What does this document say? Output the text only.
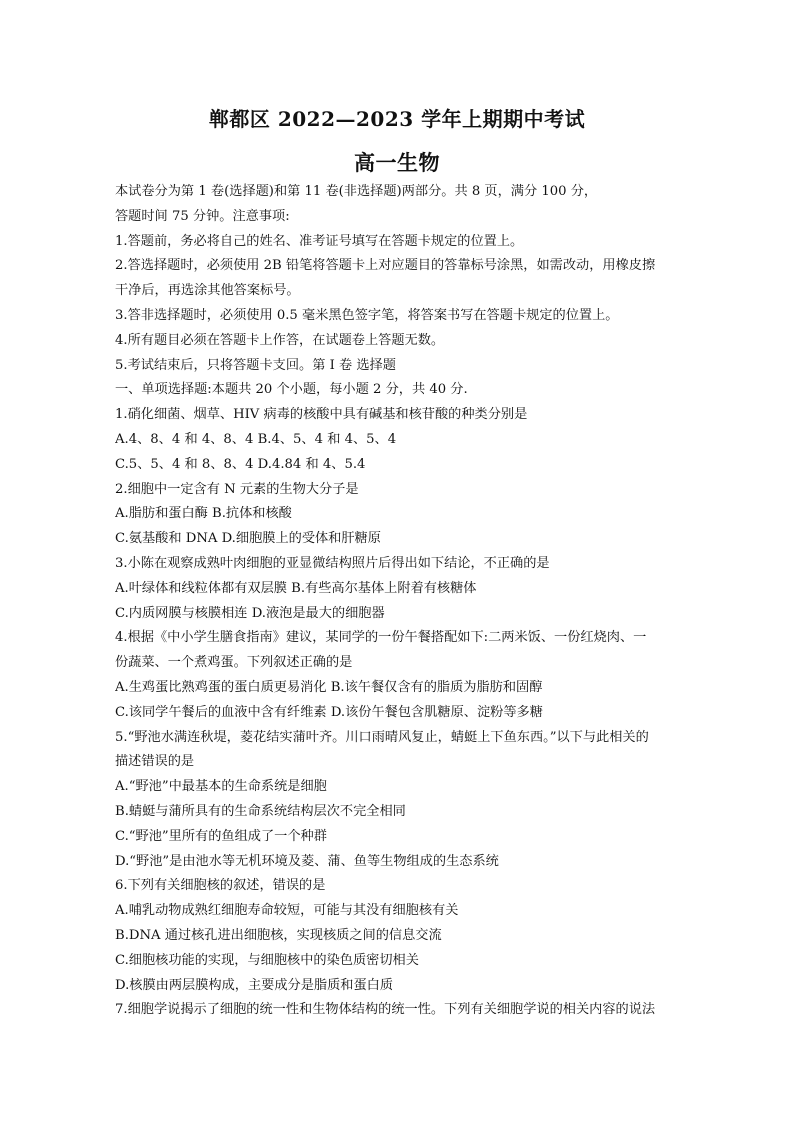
郸都区 2022—2023 学年上期期中考试
高一生物
本试卷分为第 1 卷(选择题)和第 11 卷(非选择题)两部分。共 8 页，满分 100 分，
答题时间 75 分钟。注意事项:
1.答题前，务必将自己的姓名、准考证号填写在答题卡规定的位置上。
2.答选择题时，必须使用 2B 铅笔将答题卡上对应题目的答靠标号涂黑，如需改动，用橡皮擦
干净后，再选涂其他答案标号。
3.答非选择题时，必须使用 0.5 毫米黑色签字笔，将答案书写在答题卡规定的位置上。
4.所有题目必须在答题卡上作答，在试题卷上答题无数。
5.考试结束后，只将答题卡支回。第 I 卷 选择题
一、单项选择题:本题共 20 个小题，每小题 2 分，共 40 分.
1.硝化细菌、烟草、HIV 病毒的核酸中具有碱基和核苷酸的种类分别是
A.4、8、4 和 4、8、4 B.4、5、4 和 4、5、4
C.5、5、4 和 8、8、4 D.4.84 和 4、5.4
2.细胞中一定含有 N 元素的生物大分子是
A.脂肪和蛋白酶 B.抗体和核酸
C.氨基酸和 DNA D.细胞膜上的受体和肝糖原
3.小陈在观察成熟叶肉细胞的亚显微结构照片后得出如下结论，不正确的是
A.叶绿体和线粒体都有双层膜 B.有些高尔基体上附着有核糖体
C.内质网膜与核膜相连 D.液泡是最大的细胞器
4.根据《中小学生膳食指南》建议，某同学的一份午餐搭配如下:二两米饭、一份红烧肉、一
份蔬菜、一个煮鸡蛋。下列叙述正确的是
A.生鸡蛋比熟鸡蛋的蛋白质更易消化 B.该午餐仅含有的脂质为脂肪和固醇
C.该同学午餐后的血液中含有纤维素 D.该份午餐包含肌糖原、淀粉等多糖
5.“野池水满连秋堤，菱花结实蒲叶齐。川口雨晴风复止，蜻蜓上下鱼东西。”以下与此相关的
描述错误的是
A.“野池”中最基本的生命系统是细胞
B.蜻蜓与蒲所具有的生命系统结构层次不完全相同
C.“野池”里所有的鱼组成了一个种群
D.“野池”是由池水等无机环境及菱、蒲、鱼等生物组成的生态系统
6.下列有关细胞核的叙述，错误的是
A.哺乳动物成熟红细胞寿命较短，可能与其没有细胞核有关
B.DNA 通过核孔进出细胞核，实现核质之间的信息交流
C.细胞核功能的实现，与细胞核中的染色质密切相关
D.核膜由两层膜构成，主要成分是脂质和蛋白质
7.细胞学说揭示了细胞的统一性和生物体结构的统一性。下列有关细胞学说的相关内容的说法
